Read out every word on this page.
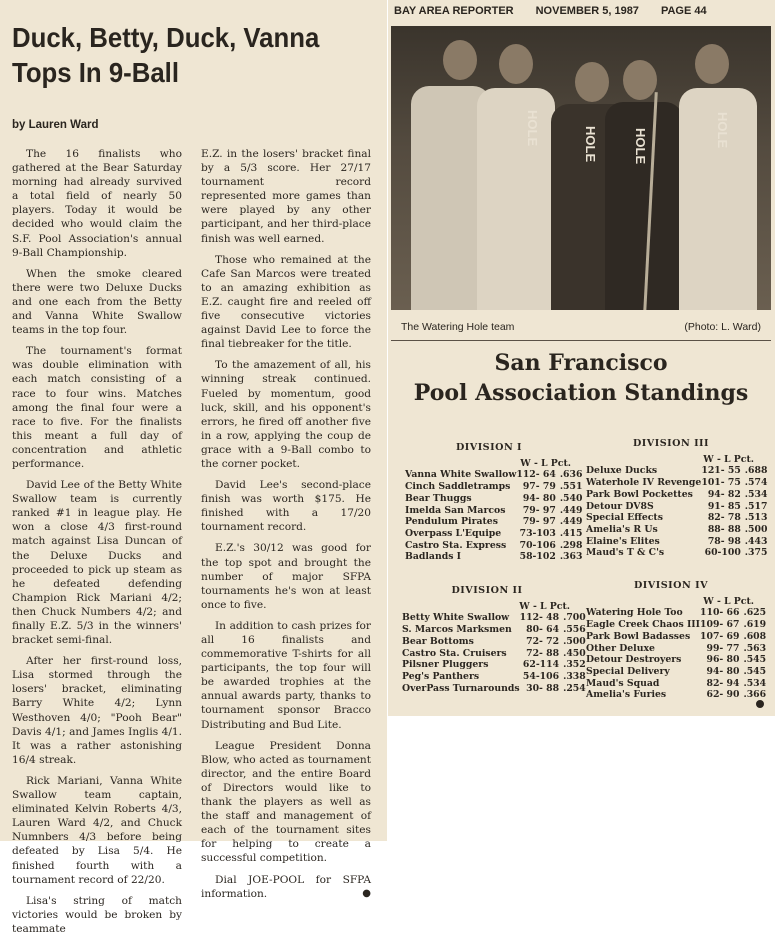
Duck, Betty, Duck, Vanna Tops In 9-Ball
by Lauren Ward

The 16 finalists who gathered at the Bear Saturday morning had already survived a total field of nearly 50 players. Today it would be decided who would claim the S.F. Pool Association's annual 9-Ball Championship.

When the smoke cleared there were two Deluxe Ducks and one each from the Betty and Vanna White Swallow teams in the top four.

The tournament's format was double elimination with each match consisting of a race to four wins. Matches among the final four were a race to five. For the finalists this meant a full day of concentration and athletic performance.

David Lee of the Betty White Swallow team is currently ranked #1 in league play. He won a close 4/3 first-round match against Lisa Duncan of the Deluxe Ducks and proceeded to pick up steam as he defeated defending Champion Rick Mariani 4/2; then Chuck Numbers 4/2; and finally E.Z. 5/3 in the winners' bracket semi-final.

After her first-round loss, Lisa stormed through the losers' bracket, eliminating Barry White 4/2; Lynn Westhoven 4/0; "Pooh Bear" Davis 4/1; and James Inglis 4/1. It was a rather astonishing 16/4 streak.

Rick Mariani, Vanna White Swallow team captain, eliminated Kelvin Roberts 4/3, Lauren Ward 4/2, and Chuck Numnbers 4/3 before being defeated by Lisa 5/4. He finished fourth with a tournament record of 22/20.

Lisa's string of match victories would be broken by teammate

E.Z. in the losers' bracket final by a 5/3 score. Her 27/17 tournament record represented more games than were played by any other participant, and her third-place finish was well earned.

Those who remained at the Cafe San Marcos were treated to an amazing exhibition as E.Z. caught fire and reeled off five consecutive victories against David Lee to force the final tiebreaker for the title.

To the amazement of all, his winning streak continued. Fueled by momentum, good luck, skill, and his opponent's errors, he fired off another five in a row, applying the coup de grace with a 9-Ball combo to the corner pocket.

David Lee's second-place finish was worth $175. He finished with a 17/20 tournament record.

E.Z.'s 30/12 was good for the top spot and brought the number of major SFPA tournaments he's won at least once to five.

In addition to cash prizes for all 16 finalists and commemorative T-shirts for all participants, the top four will be awarded trophies at the annual awards party, thanks to tournament sponsor Bracco Distributing and Bud Lite.

League President Donna Blow, who acted as tournament director, and the entire Board of Directors would like to thank the players as well as the staff and management of each of the tournament sites for helping to create a successful competition.

Dial JOE-POOL for SFPA information.	●

BAY AREA REPORTER NOVEMBER 5, 1987 PAGE 44
HOLE	HOLE	HOLE	HOLE
The Watering Hole team	(Photo: L. Ward)
San Francisco
Pool Association Standings
DIVISION I
W - L Pct.
Vanna White Swallow	112- 64	.636
Cinch Saddletramps	97- 79	.551
Bear Thuggs	94- 80	.540
Imelda San Marcos	79- 97	.449
Pendulum Pirates	79- 97	.449
Overpass L'Equipe	73-103	.415
Castro Sta. Express	70-106	.298
Badlands I	58-102	.363
DIVISION II
W - L Pct.
Betty White Swallow	112- 48	.700
S. Marcos Marksmen	80- 64	.556
Bear Bottoms	72- 72	.500
Castro Sta. Cruisers	72- 88	.450
Pilsner Pluggers	62-114	.352
Peg's Panthers	54-106	.338
OverPass Turnarounds	30- 88	.254
DIVISION III
W - L Pct.
Deluxe Ducks	121- 55	.688
Waterhole IV Revenge	101- 75	.574
Park Bowl Pockettes	94- 82	.534
Detour DV8S	91- 85	.517
Special Effects	82- 78	.513
Amelia's R Us	88- 88	.500
Elaine's Elites	78- 98	.443
Maud's T & C's	60-100	.375
DIVISION IV
W - L Pct.
Watering Hole Too	110- 66	.625
Eagle Creek Chaos III	109- 67	.619
Park Bowl Badasses	107- 69	.608
Other Deluxe	99- 77	.563
Detour Destroyers	96- 80	.545
Special Delivery	94- 80	.545
Maud's Squad	82- 94	.534
Amelia's Furies	62- 90	.366
